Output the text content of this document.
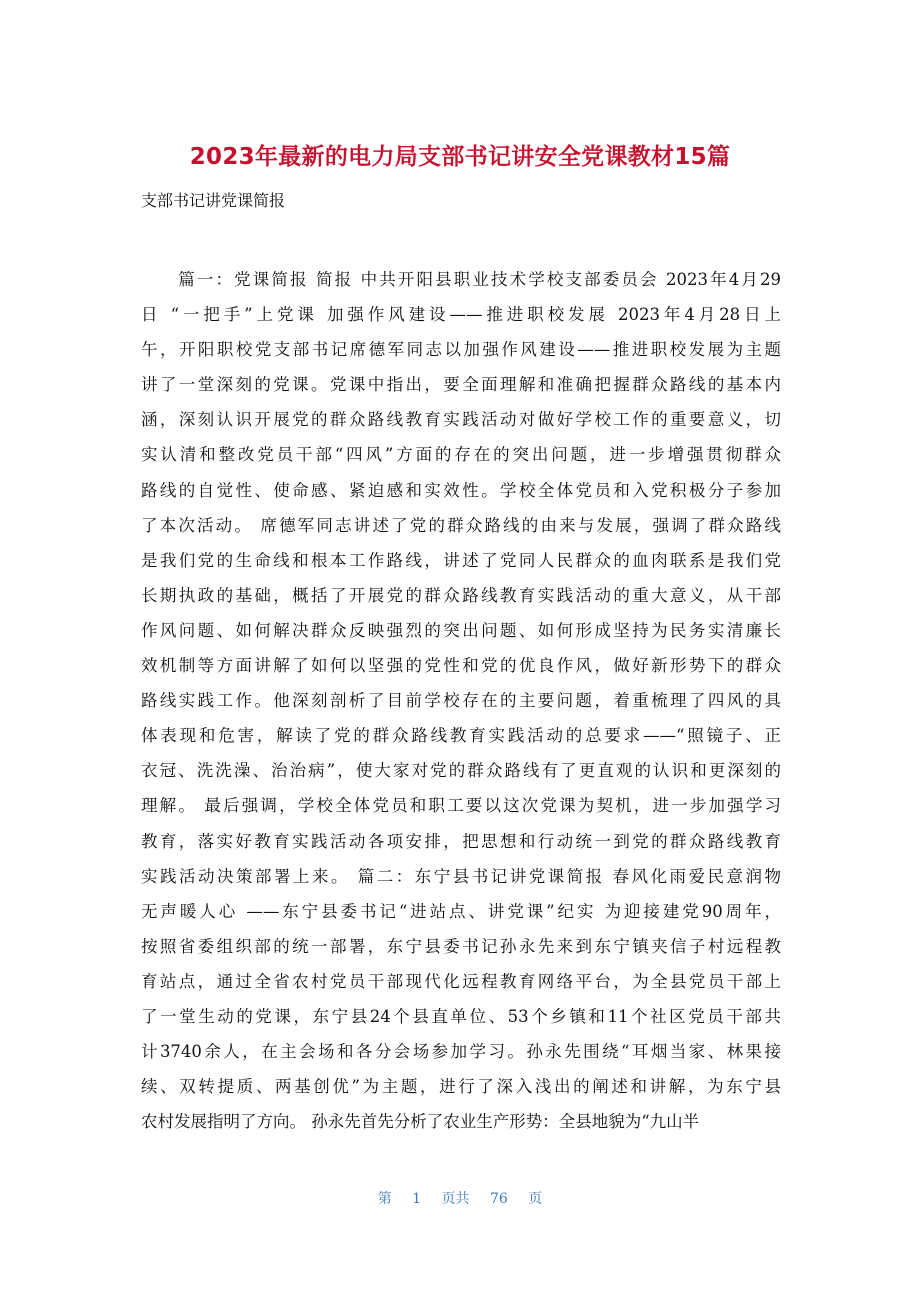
2023年最新的电力局支部书记讲安全党课教材15篇
支部书记讲党课简报
　　篇一：党课简报 简报 中共开阳县职业技术学校支部委员会 2023年4月29
日 “一把手”上党课 加强作风建设——推进职校发展 2023年4月28日上
午，开阳职校党支部书记席德军同志以加强作风建设——推进职校发展为主题
讲了一堂深刻的党课。党课中指出，要全面理解和准确把握群众路线的基本内
涵，深刻认识开展党的群众路线教育实践活动对做好学校工作的重要意义，切
实认清和整改党员干部“四风”方面的存在的突出问题，进一步增强贯彻群众
路线的自觉性、使命感、紧迫感和实效性。学校全体党员和入党积极分子参加
了本次活动。 席德军同志讲述了党的群众路线的由来与发展，强调了群众路线
是我们党的生命线和根本工作路线，讲述了党同人民群众的血肉联系是我们党
长期执政的基础，概括了开展党的群众路线教育实践活动的重大意义，从干部
作风问题、如何解决群众反映强烈的突出问题、如何形成坚持为民务实清廉长
效机制等方面讲解了如何以坚强的党性和党的优良作风，做好新形势下的群众
路线实践工作。他深刻剖析了目前学校存在的主要问题，着重梳理了四风的具
体表现和危害，解读了党的群众路线教育实践活动的总要求——“照镜子、正
衣冠、洗洗澡、治治病”，使大家对党的群众路线有了更直观的认识和更深刻的
理解。 最后强调，学校全体党员和职工要以这次党课为契机，进一步加强学习
教育，落实好教育实践活动各项安排，把思想和行动统一到党的群众路线教育
实践活动决策部署上来。 篇二：东宁县书记讲党课简报 春风化雨爱民意润物
无声暖人心 ——东宁县委书记“进站点、讲党课”纪实 为迎接建党90周年，
按照省委组织部的统一部署，东宁县委书记孙永先来到东宁镇夹信子村远程教
育站点，通过全省农村党员干部现代化远程教育网络平台，为全县党员干部上
了一堂生动的党课，东宁县24个县直单位、53个乡镇和11个社区党员干部共
计3740余人，在主会场和各分会场参加学习。孙永先围绕“耳烟当家、林果接
续、双转提质、两基创优”为主题，进行了深入浅出的阐述和讲解，为东宁县
农村发展指明了方向。 孙永先首先分析了农业生产形势：全县地貌为“九山半
第 1 页共 76 页
